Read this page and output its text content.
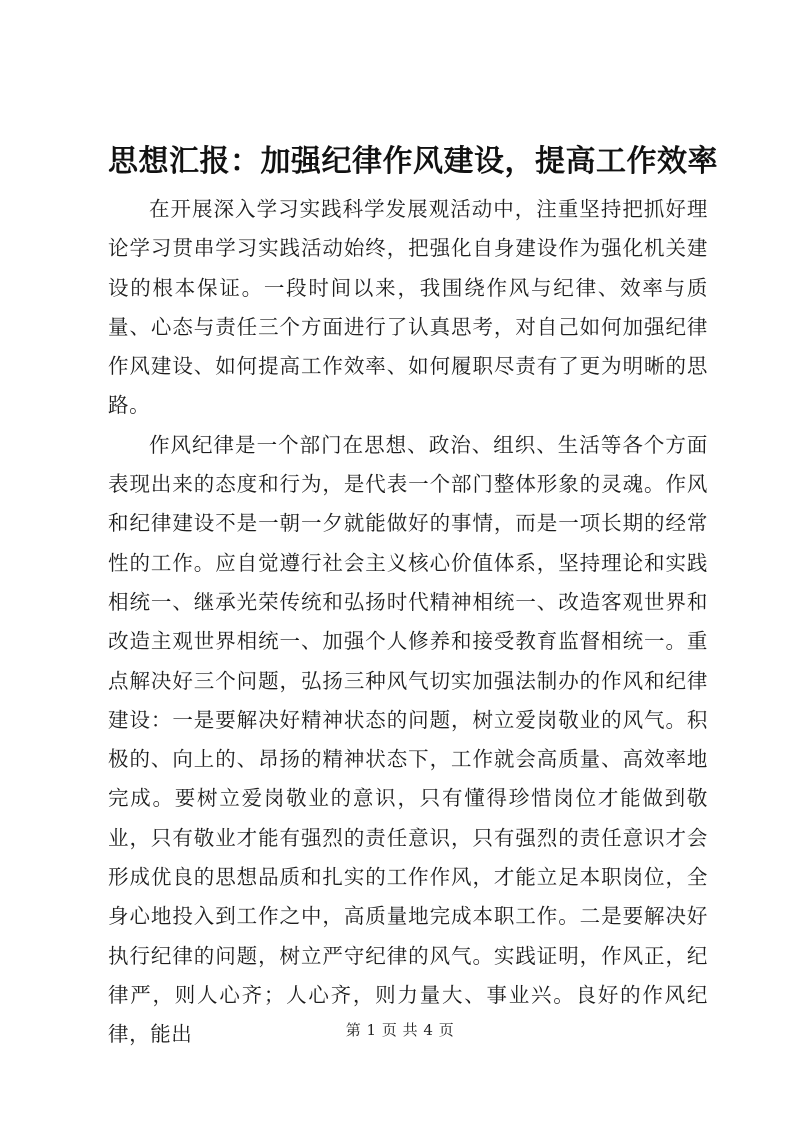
思想汇报：加强纪律作风建设，提高工作效率

在开展深入学习实践科学发展观活动中，注重坚持把抓好理论学习贯串学习实践活动始终，把强化自身建设作为强化机关建设的根本保证。一段时间以来，我围绕作风与纪律、效率与质量、心态与责任三个方面进行了认真思考，对自己如何加强纪律作风建设、如何提高工作效率、如何履职尽责有了更为明晰的思路。

作风纪律是一个部门在思想、政治、组织、生活等各个方面表现出来的态度和行为，是代表一个部门整体形象的灵魂。作风和纪律建设不是一朝一夕就能做好的事情，而是一项长期的经常性的工作。应自觉遵行社会主义核心价值体系，坚持理论和实践相统一、继承光荣传统和弘扬时代精神相统一、改造客观世界和改造主观世界相统一、加强个人修养和接受教育监督相统一。重点解决好三个问题，弘扬三种风气切实加强法制办的作风和纪律建设：一是要解决好精神状态的问题，树立爱岗敬业的风气。积极的、向上的、昂扬的精神状态下，工作就会高质量、高效率地完成。要树立爱岗敬业的意识，只有懂得珍惜岗位才能做到敬业，只有敬业才能有强烈的责任意识，只有强烈的责任意识才会形成优良的思想品质和扎实的工作作风，才能立足本职岗位，全身心地投入到工作之中，高质量地完成本职工作。二是要解决好执行纪律的问题，树立严守纪律的风气。实践证明，作风正，纪律严，则人心齐；人心齐，则力量大、事业兴。良好的作风纪律，能出	第 1 页 共 4 页
